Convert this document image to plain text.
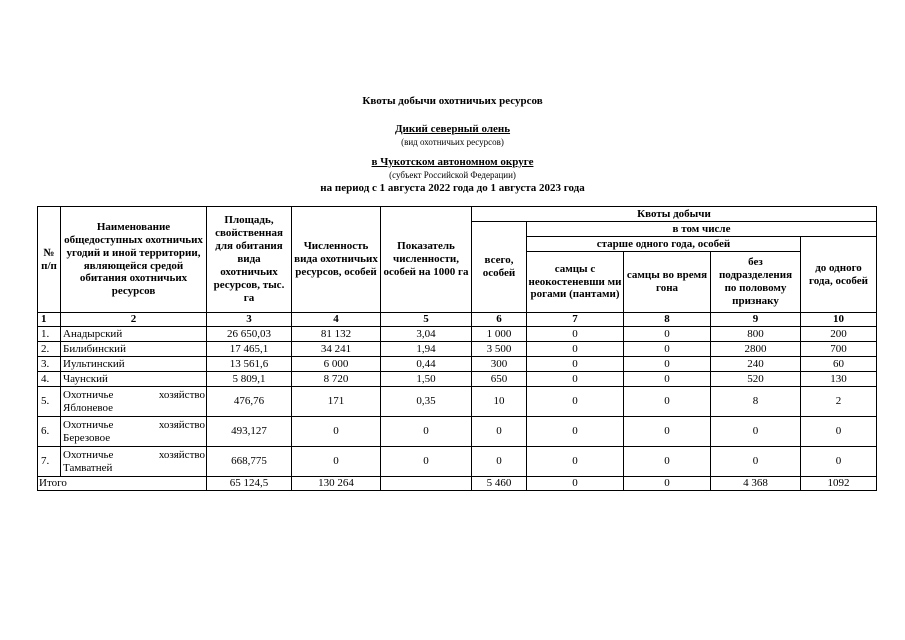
Квоты добычи охотничьих ресурсов
Дикий северный олень
(вид охотничьих ресурсов)
в Чукотском автономном округе
(субъект Российской Федерации)
на период с 1 августа 2022 года до 1 августа 2023 года
№ п/п	Наименование общедоступных охотничьих угодий и иной территории, являющейся средой обитания охотничьих ресурсов	Площадь, свойственная для обитания вида охотничьих ресурсов, тыс. га	Численность вида охотничьих ресурсов, особей	Показатель численности, особей на 1000 га	Квоты добычи				
					всего, особей	в том числе			
						старше одного года, особей			до одного года, особей
						самцы с неокостеневши ми рогами (пантами)	самцы во время гона	без подразделения по половому признаку	
1	2	3	4	5	6	7	8	9	10
1.	Анадырский	26 650,03	81 132	3,04	1 000	0	0	800	200
2.	Билибинский	17 465,1	34 241	1,94	3 500	0	0	2800	700
3.	Иультинский	13 561,6	6 000	0,44	300	0	0	240	60
4.	Чаунский	5 809,1	8 720	1,50	650	0	0	520	130
5.	Охотничье хозяйство
Яблоневое	476,76	171	0,35	10	0	0	8	2
6.	Охотничье хозяйство
Березовое	493,127	0	0	0	0	0	0	0
7.	Охотничье хозяйство
Тамватней	668,775	0	0	0	0	0	0	0
Итого		65 124,5	130 264		5 460	0	0	4 368	1092
